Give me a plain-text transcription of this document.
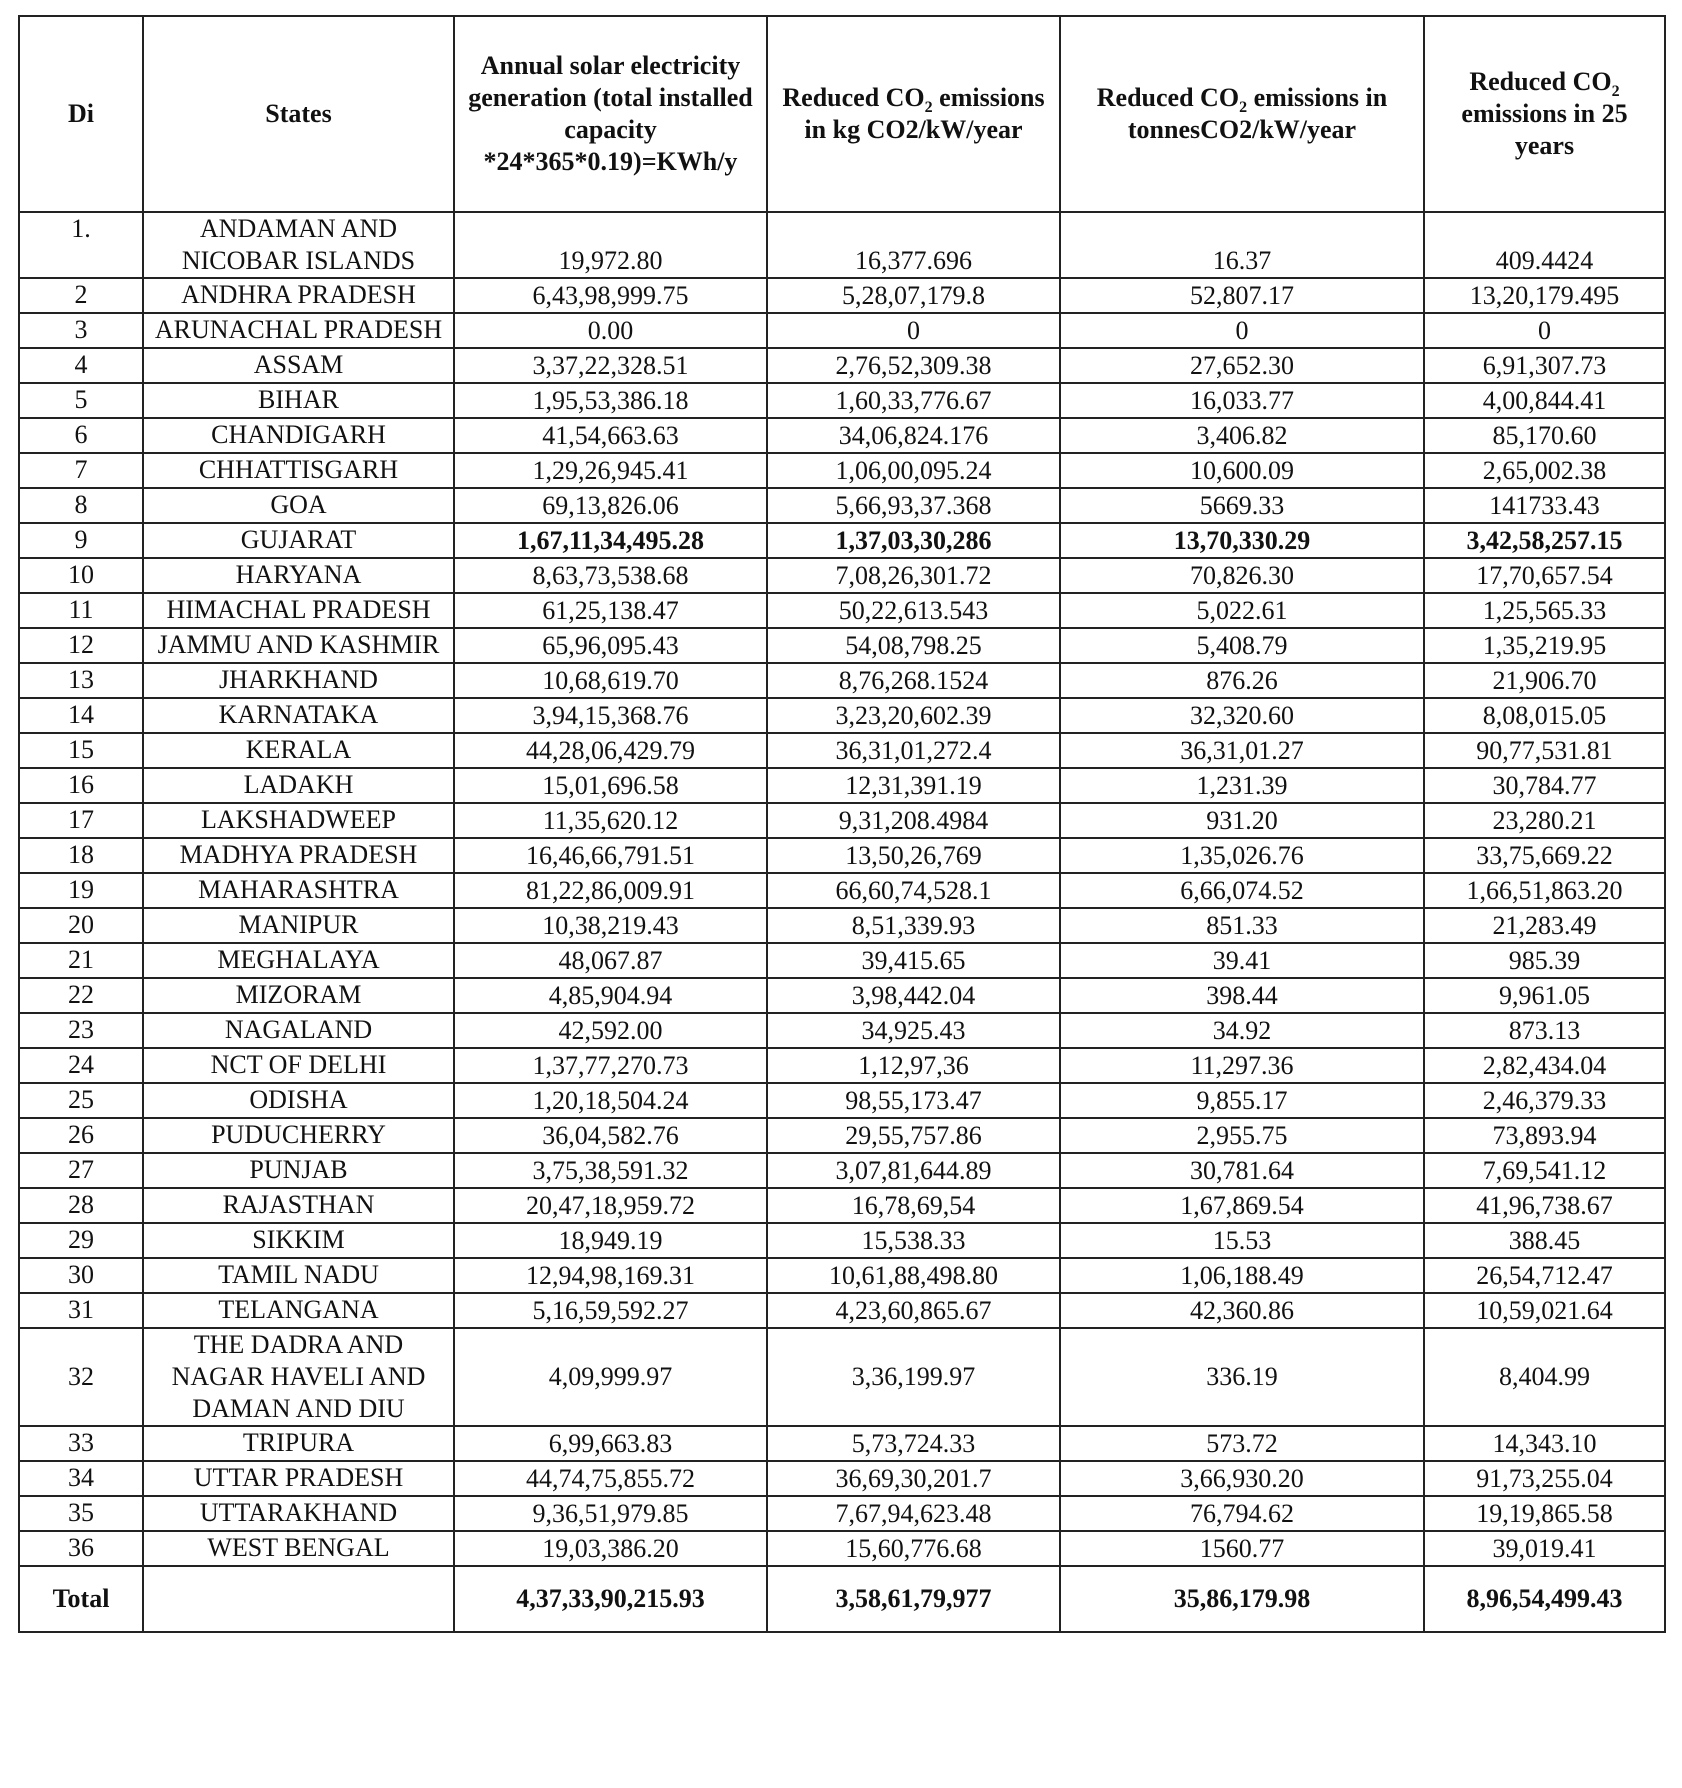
Di	States	Annual solar electricity generation (total installed capacity *24*365*0.19)=KWh/y	Reduced $CO_2$ emissions in kg CO2/kW/year	Reduced $CO_2$ emissions in tonnesCO2/kW/year	Reduced $CO_2$ emissions in 25 years
1.	ANDAMAN AND NICOBAR ISLANDS	19,972.80	16,377.696	16.37	409.4424
2	ANDHRA PRADESH	6,43,98,999.75	5,28,07,179.8	52,807.17	13,20,179.495
3	ARUNACHAL PRADESH	0.00	0	0	0
4	ASSAM	3,37,22,328.51	2,76,52,309.38	27,652.30	6,91,307.73
5	BIHAR	1,95,53,386.18	1,60,33,776.67	16,033.77	4,00,844.41
6	CHANDIGARH	41,54,663.63	34,06,824.176	3,406.82	85,170.60
7	CHHATTISGARH	1,29,26,945.41	1,06,00,095.24	10,600.09	2,65,002.38
8	GOA	69,13,826.06	5,66,93,37.368	5669.33	141733.43
9	GUJARAT	1,67,11,34,495.28	1,37,03,30,286	13,70,330.29	3,42,58,257.15
10	HARYANA	8,63,73,538.68	7,08,26,301.72	70,826.30	17,70,657.54
11	HIMACHAL PRADESH	61,25,138.47	50,22,613.543	5,022.61	1,25,565.33
12	JAMMU AND KASHMIR	65,96,095.43	54,08,798.25	5,408.79	1,35,219.95
13	JHARKHAND	10,68,619.70	8,76,268.1524	876.26	21,906.70
14	KARNATAKA	3,94,15,368.76	3,23,20,602.39	32,320.60	8,08,015.05
15	KERALA	44,28,06,429.79	36,31,01,272.4	36,31,01.27	90,77,531.81
16	LADAKH	15,01,696.58	12,31,391.19	1,231.39	30,784.77
17	LAKSHADWEEP	11,35,620.12	9,31,208.4984	931.20	23,280.21
18	MADHYA PRADESH	16,46,66,791.51	13,50,26,769	1,35,026.76	33,75,669.22
19	MAHARASHTRA	81,22,86,009.91	66,60,74,528.1	6,66,074.52	1,66,51,863.20
20	MANIPUR	10,38,219.43	8,51,339.93	851.33	21,283.49
21	MEGHALAYA	48,067.87	39,415.65	39.41	985.39
22	MIZORAM	4,85,904.94	3,98,442.04	398.44	9,961.05
23	NAGALAND	42,592.00	34,925.43	34.92	873.13
24	NCT OF DELHI	1,37,77,270.73	1,12,97,36	11,297.36	2,82,434.04
25	ODISHA	1,20,18,504.24	98,55,173.47	9,855.17	2,46,379.33
26	PUDUCHERRY	36,04,582.76	29,55,757.86	2,955.75	73,893.94
27	PUNJAB	3,75,38,591.32	3,07,81,644.89	30,781.64	7,69,541.12
28	RAJASTHAN	20,47,18,959.72	16,78,69,54	1,67,869.54	41,96,738.67
29	SIKKIM	18,949.19	15,538.33	15.53	388.45
30	TAMIL NADU	12,94,98,169.31	10,61,88,498.80	1,06,188.49	26,54,712.47
31	TELANGANA	5,16,59,592.27	4,23,60,865.67	42,360.86	10,59,021.64
32	THE DADRA AND NAGAR HAVELI AND DAMAN AND DIU	4,09,999.97	3,36,199.97	336.19	8,404.99
33	TRIPURA	6,99,663.83	5,73,724.33	573.72	14,343.10
34	UTTAR PRADESH	44,74,75,855.72	36,69,30,201.7	3,66,930.20	91,73,255.04
35	UTTARAKHAND	9,36,51,979.85	7,67,94,623.48	76,794.62	19,19,865.58
36	WEST BENGAL	19,03,386.20	15,60,776.68	1560.77	39,019.41
Total		4,37,33,90,215.93	3,58,61,79,977	35,86,179.98	8,96,54,499.43
